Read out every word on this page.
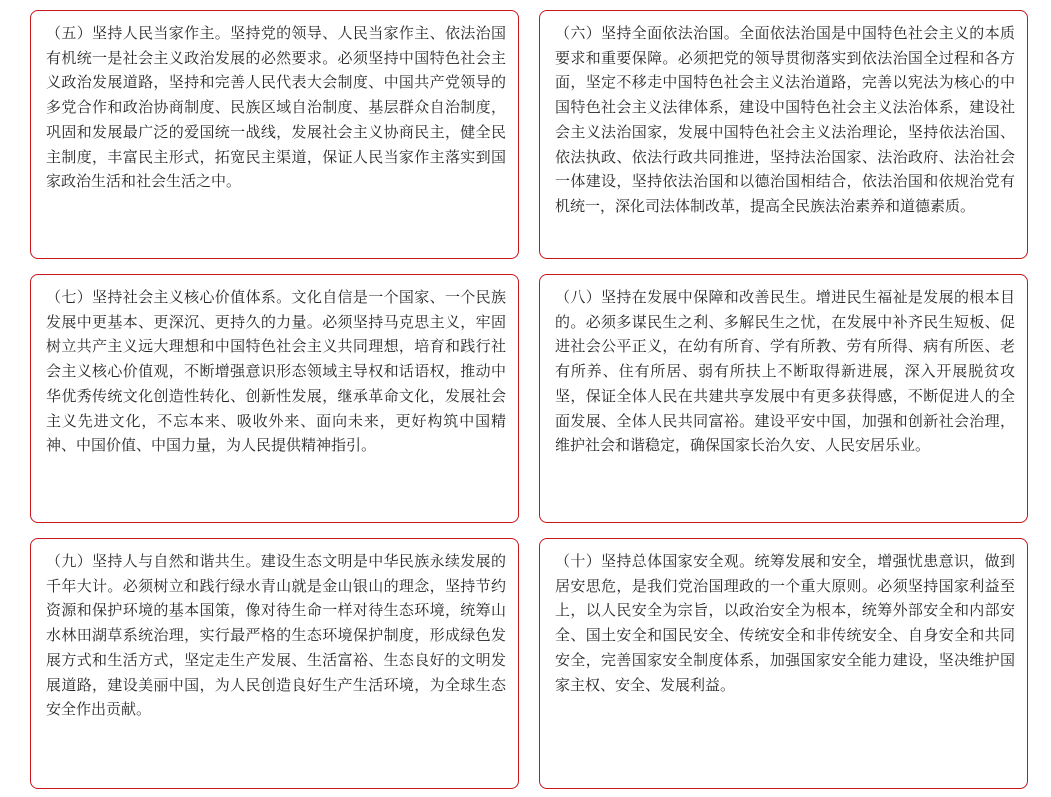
（五）坚持人民当家作主。坚持党的领导、人民当家作主、依法治国有机统一是社会主义政治发展的必然要求。必须坚持中国特色社会主义政治发展道路，坚持和完善人民代表大会制度、中国共产党领导的多党合作和政治协商制度、民族区域自治制度、基层群众自治制度，巩固和发展最广泛的爱国统一战线，发展社会主义协商民主，健全民主制度，丰富民主形式，拓宽民主渠道，保证人民当家作主落实到国家政治生活和社会生活之中。

（六）坚持全面依法治国。全面依法治国是中国特色社会主义的本质要求和重要保障。必须把党的领导贯彻落实到依法治国全过程和各方面，坚定不移走中国特色社会主义法治道路，完善以宪法为核心的中国特色社会主义法律体系，建设中国特色社会主义法治体系，建设社会主义法治国家，发展中国特色社会主义法治理论，坚持依法治国、依法执政、依法行政共同推进，坚持法治国家、法治政府、法治社会一体建设，坚持依法治国和以德治国相结合，依法治国和依规治党有机统一，深化司法体制改革，提高全民族法治素养和道德素质。

（七）坚持社会主义核心价值体系。文化自信是一个国家、一个民族发展中更基本、更深沉、更持久的力量。必须坚持马克思主义，牢固树立共产主义远大理想和中国特色社会主义共同理想，培育和践行社会主义核心价值观，不断增强意识形态领域主导权和话语权，推动中华优秀传统文化创造性转化、创新性发展，继承革命文化，发展社会主义先进文化，不忘本来、吸收外来、面向未来，更好构筑中国精神、中国价值、中国力量，为人民提供精神指引。

（八）坚持在发展中保障和改善民生。增进民生福祉是发展的根本目的。必须多谋民生之利、多解民生之忧，在发展中补齐民生短板、促进社会公平正义，在幼有所育、学有所教、劳有所得、病有所医、老有所养、住有所居、弱有所扶上不断取得新进展，深入开展脱贫攻坚，保证全体人民在共建共享发展中有更多获得感，不断促进人的全面发展、全体人民共同富裕。建设平安中国，加强和创新社会治理，维护社会和谐稳定，确保国家长治久安、人民安居乐业。

（九）坚持人与自然和谐共生。建设生态文明是中华民族永续发展的千年大计。必须树立和践行绿水青山就是金山银山的理念，坚持节约资源和保护环境的基本国策，像对待生命一样对待生态环境，统筹山水林田湖草系统治理，实行最严格的生态环境保护制度，形成绿色发展方式和生活方式，坚定走生产发展、生活富裕、生态良好的文明发展道路，建设美丽中国，为人民创造良好生产生活环境，为全球生态安全作出贡献。

（十）坚持总体国家安全观。统筹发展和安全，增强忧患意识，做到居安思危，是我们党治国理政的一个重大原则。必须坚持国家利益至上，以人民安全为宗旨，以政治安全为根本，统筹外部安全和内部安全、国土安全和国民安全、传统安全和非传统安全、自身安全和共同安全，完善国家安全制度体系，加强国家安全能力建设，坚决维护国家主权、安全、发展利益。
